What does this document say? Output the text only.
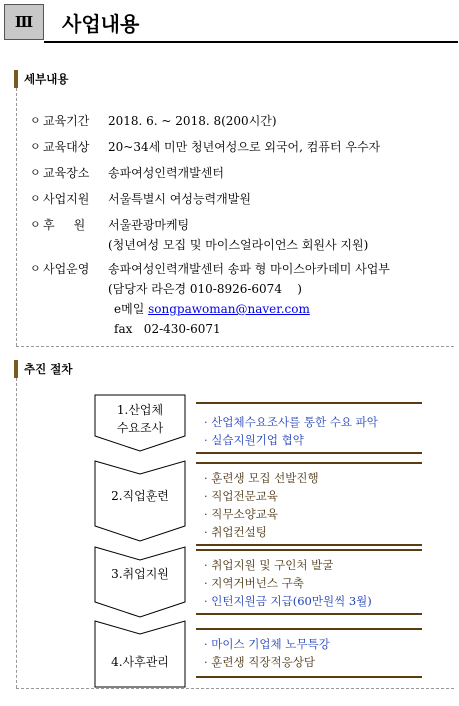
Ⅲ	사업내용
세부내용
ㅇ 교육기간 2018. 6. ~ 2018. 8(200시간)
ㅇ 교육대상 20~34세 미만 청년여성으로 외국어, 컴퓨터 우수자
ㅇ 교육장소 송파여성인력개발센터
ㅇ 사업지원 서울특별시 여성능력개발원
ㅇ 후     원 서울관광마케팅
(청년여성 모집 및 마이스얼라이언스 회원사 지원)
ㅇ 사업운영 송파여성인력개발센터 송파 형 마이스아카데미 사업부
(담당자 라은경 010-8926-6074    )
e메일 songpawoman@naver.com
fax   02-430-6071
추진 절차
1.산업체
수요조사	· 산업체수요조사를 통한 수요 파악
· 실습지원기업 협약
2.직업훈련
· 훈련생 모집 선발진행
· 직업전문교육
· 직무소양교육
· 취업컨설팅
3.취업지원
· 취업지원 및 구인처 발굴
· 지역거버넌스 구축
· 인턴지원금 지급(60만원씩 3월)
4.사후관리
· 마이스 기업체 노무특강
· 훈련생 직장적응상담
